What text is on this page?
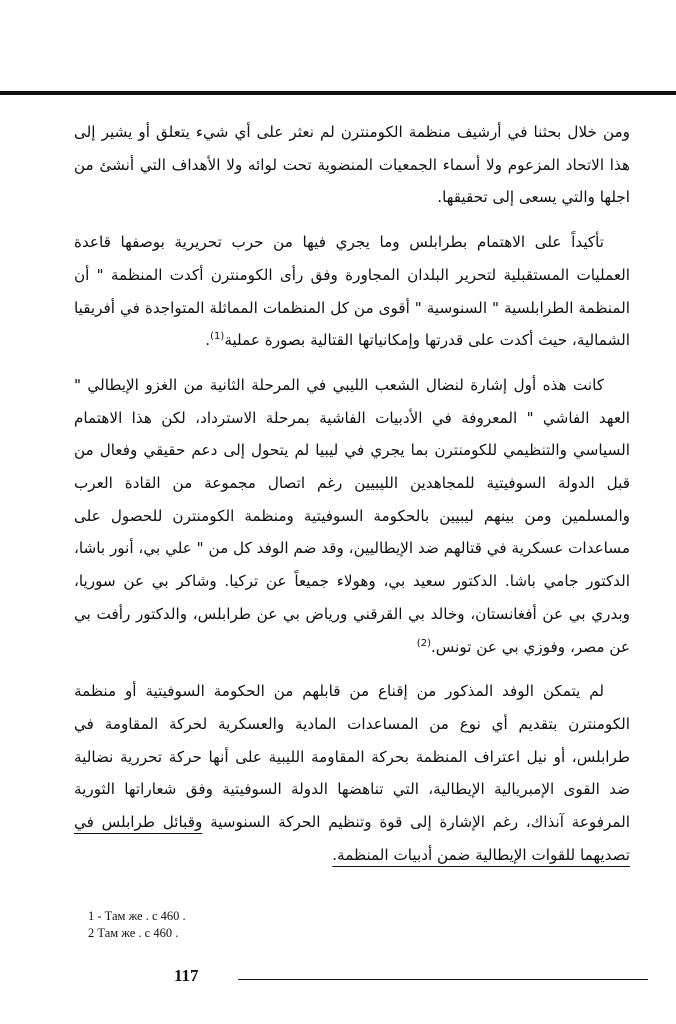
ومن خلال بحثنا في أرشيف منظمة الكومنترن لم نعثر على أي شيء يتعلق أو يشير إلى هذا الاتحاد المزعوم ولا أسماء الجمعيات المنضوية تحت لوائه ولا الأهداف التي أنشئ من اجلها والتي يسعى إلى تحقيقها.

تأكيداً على الاهتمام بطرابلس وما يجري فيها من حرب تحريرية بوصفها قاعدة العمليات المستقبلية لتحرير البلدان المجاورة وفق رأى الكومنترن أكدت المنظمة " أن المنظمة الطرابلسية " السنوسية " أقوى من كل المنظمات المماثلة المتواجدة في أفريقيا الشمالية، حيث أكدت على قدرتها وإمكانياتها القتالية بصورة عملية$^{(1)}$.

كانت هذه أول إشارة لنضال الشعب الليبي في المرحلة الثانية من الغزو الإيطالي " العهد الفاشي " المعروفة في الأدبيات الفاشية بمرحلة الاسترداد، لكن هذا الاهتمام السياسي والتنظيمي للكومنترن بما يجري في ليبيا لم يتحول إلى دعم حقيقي وفعال من قبل الدولة السوفيتية للمجاهدين الليبيين رغم اتصال مجموعة من القادة العرب والمسلمين ومن بينهم ليبيين بالحكومة السوفيتية ومنظمة الكومنترن للحصول على مساعدات عسكرية في قتالهم ضد الإيطاليين، وقد ضم الوفد كل من " علي بي، أنور باشا، الدكتور جامي باشا. الدكتور سعيد بي، وهولاء جميعاً عن تركيا. وشاكر بي عن سوريا، وبدري بي عن أفغانستان، وخالد بي القرقني ورياض بي عن طرابلس، والدكتور رأفت بي عن مصر، وفوزي بي عن تونس.$^{(2)}$

لم يتمكن الوفد المذكور من إقناع من قابلهم من الحكومة السوفيتية أو منظمة الكومنترن بتقديم أي نوع من المساعدات المادية والعسكرية لحركة المقاومة في طرابلس، أو نيل اعتراف المنظمة بحركة المقاومة الليبية على أنها حركة تحررية نضالية ضد القوى الإمبريالية الإيطالية، التي تناهضها الدولة السوفيتية وفق شعاراتها الثورية المرفوعة آنذاك، رغم الإشارة إلى قوة وتنظيم الحركة السنوسية وقبائل طرابلس في تصديهما للقوات الإيطالية ضمن أدبيات المنظمة.

1 - Там же . с 460 .
2 Там же . с 460 .
117
